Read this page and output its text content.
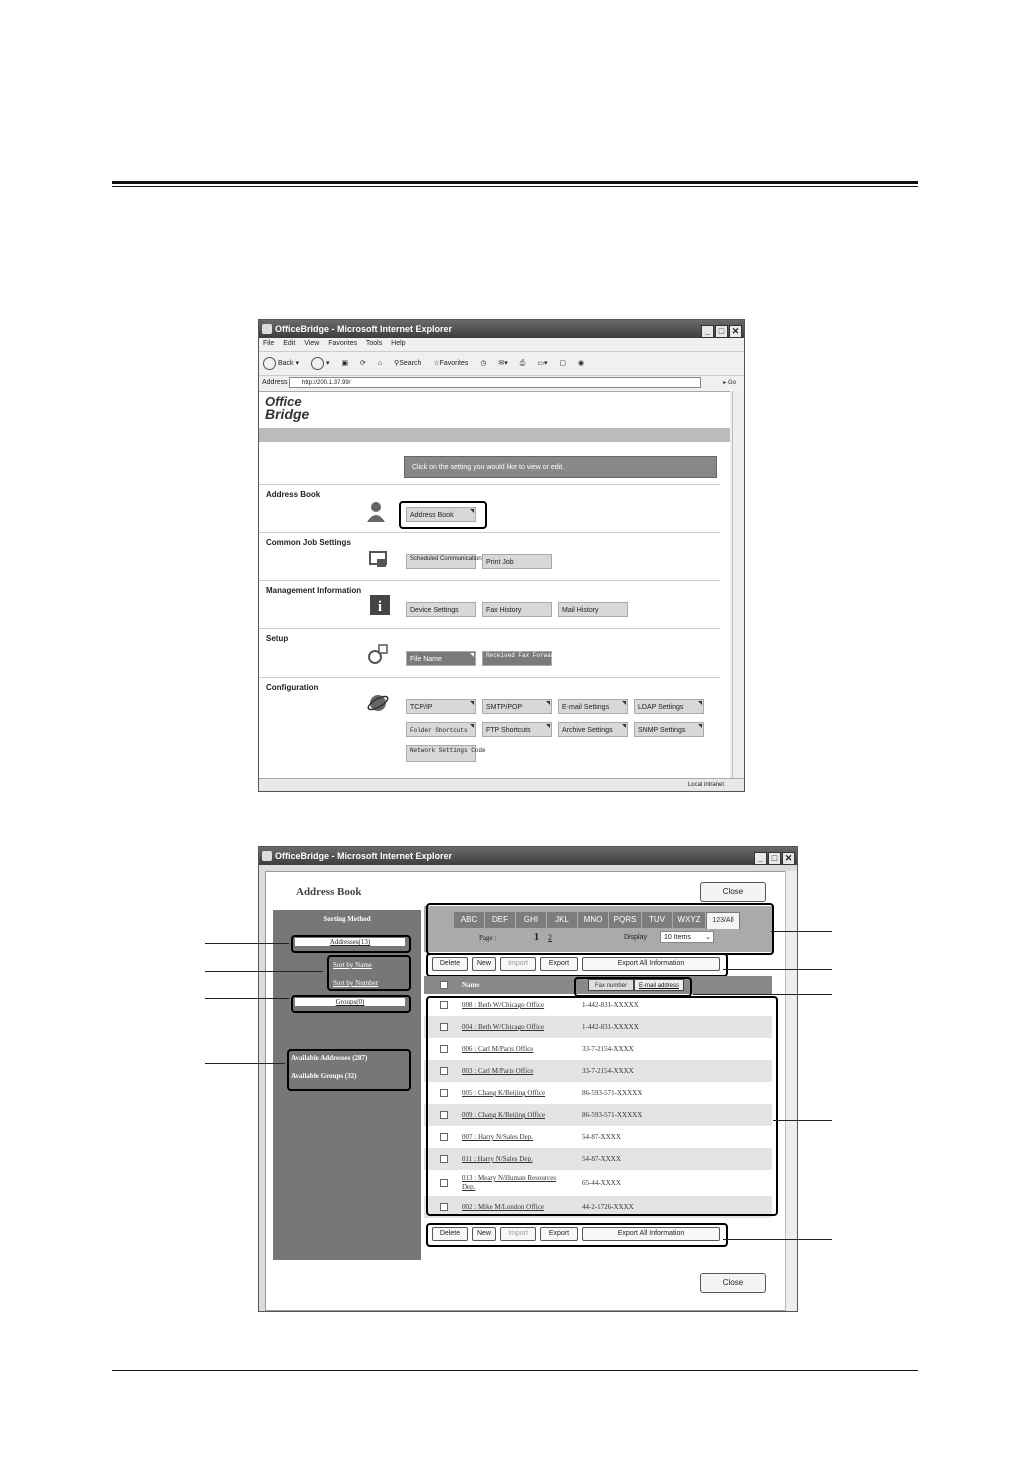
OfficeBridge - Microsoft Internet Explorer	_ □ ✕
File Edit View Favorites Tools Help
Back ▾	▾ ▣ ⟳ ⌂ ⚲Search ☆Favorites ◷ ✉▾ ⎙ ▭▾ ▢ ◉
Address	http://200.1.37.99/	▸ Go
Office
Bridge
Click on the setting you would like to view or edit.
Address Book
Address Book
Common Job Settings
Scheduled Communication Print Job
Management Information
i	Device Settings	Fax History	Mail History
Setup
File Name
Received Fax Forwarding
Configuration
TCP/IP	SMTP/POP	E-mail Settings	LDAP Settings
Folder Shortcuts	FTP Shortcuts	Archive Settings	SNMP Settings
Network Settings Code
Local intranet
OfficeBridge - Microsoft Internet Explorer	_ □ ✕
Address Book	Close
Sorting Method
Addresses(13)
Sort by Name
Sort by Number
Groups(0)
Available Addresses (287)
Available Groups (32)
ABC	DEF	GHI	JKL	MNO	PQRS	TUV	WXYZ	123/All
Page :	1 2	Display	10 Items ⌄
Delete	New	Import	Export	Export All Information
Name	Fax number	E-mail address
008 : Beth W/Chicago Office	1-442-831-XXXXX
004 : Beth W/Chicago Office	1-442-831-XXXXX
006 : Carl M/Paris Office	33-7-2154-XXXX
003 : Carl M/Paris Office	33-7-2154-XXXX
005 : Chang K/Beijing Office	86-593-571-XXXXX
009 : Chang K/Beijing Office	86-593-571-XXXXX
007 : Harry N/Sales Dep.	54-87-XXXX
011 : Harry N/Sales Dep.	54-87-XXXX
013 : Meary N/Human Resources Dep.	65-44-XXXX
002 : Mike M/London Office	44-2-1726-XXXX
Delete	New	Import	Export	Export All Information
Close
